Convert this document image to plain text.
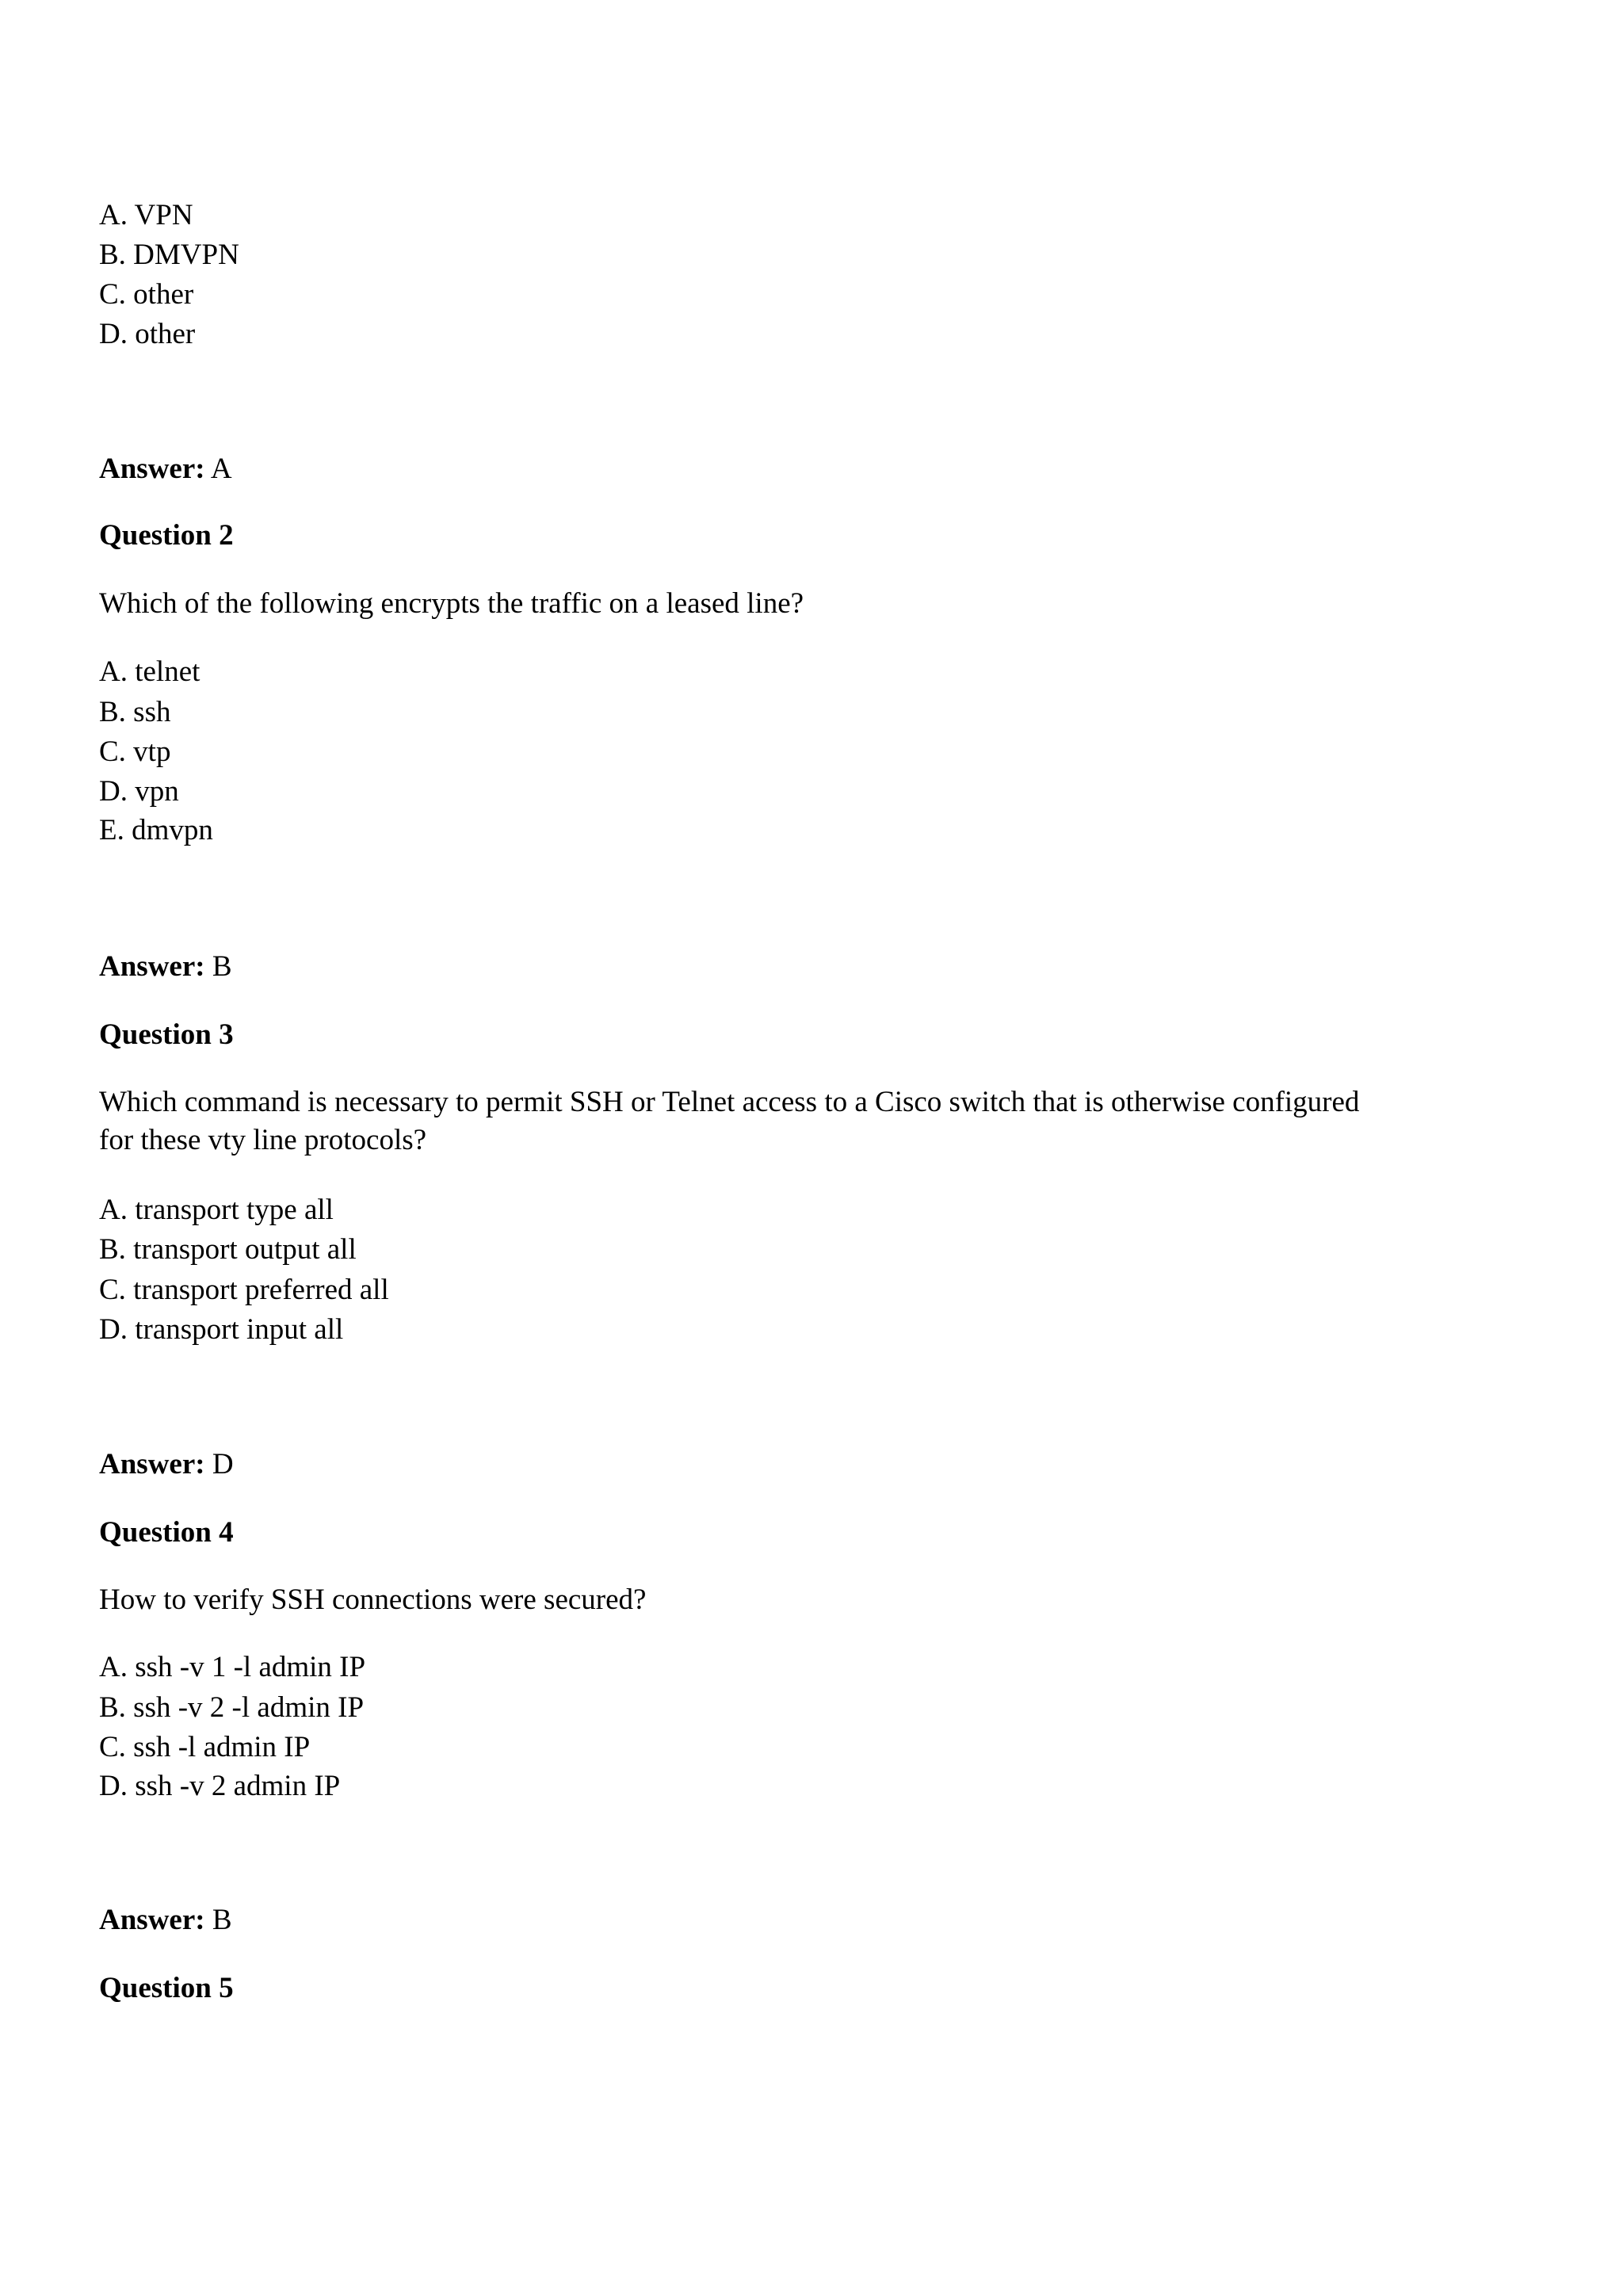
A. VPN
B. DMVPN
C. other
D. other
Answer: A
Question 2
Which of the following encrypts the traffic on a leased line?
A. telnet
B. ssh
C. vtp
D. vpn
E. dmvpn
Answer: B
Question 3
Which command is necessary to permit SSH or Telnet access to a Cisco switch that is otherwise configured
for these vty line protocols?
A. transport type all
B. transport output all
C. transport preferred all
D. transport input all
Answer: D
Question 4
How to verify SSH connections were secured?
A. ssh -v 1 -l admin IP
B. ssh -v 2 -l admin IP
C. ssh -l admin IP
D. ssh -v 2 admin IP
Answer: B
Question 5
